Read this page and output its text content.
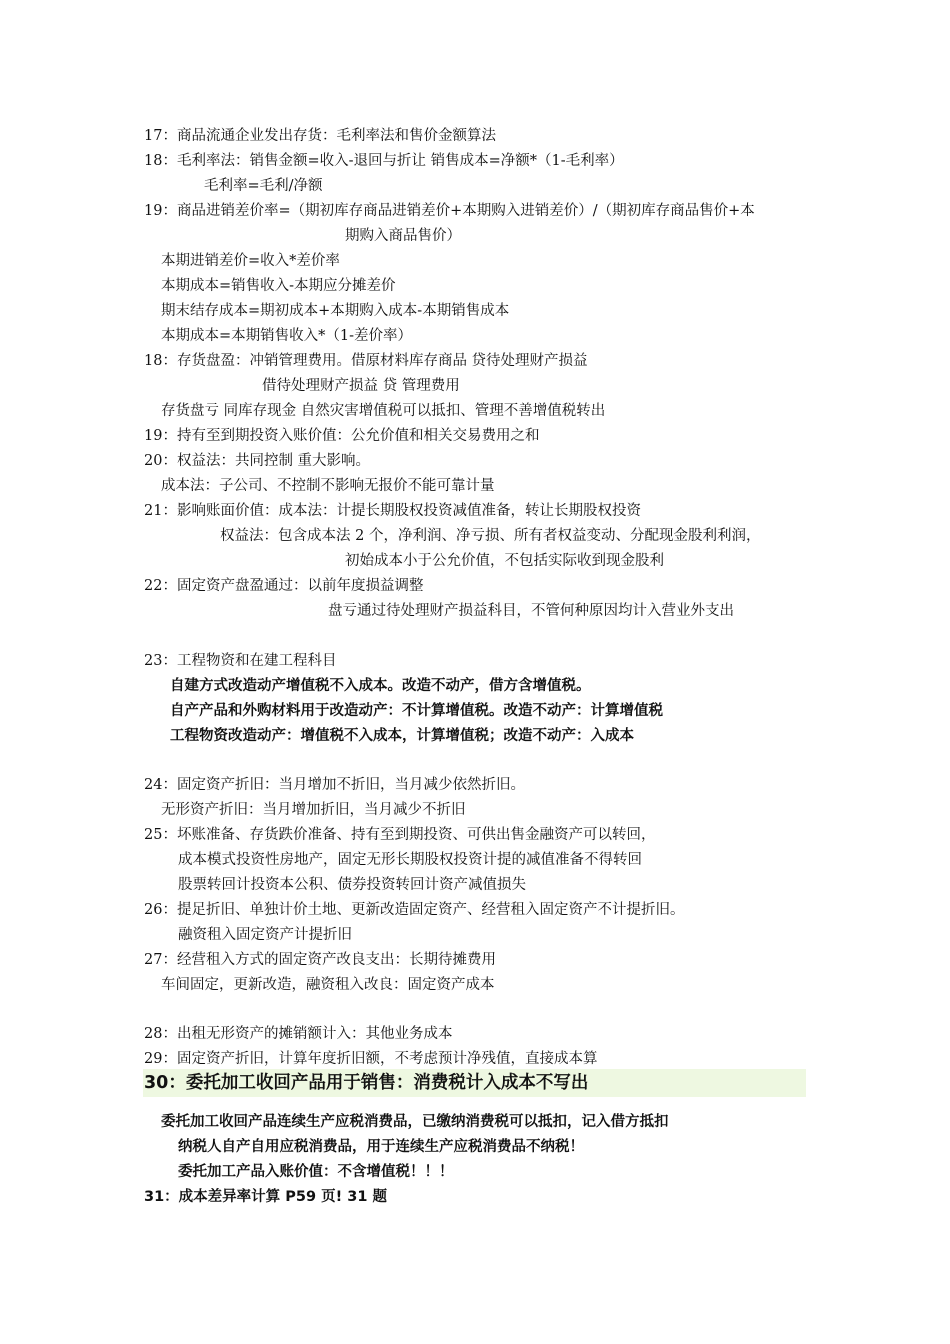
17：商品流通企业发出存货：毛利率法和售价金额算法
18：毛利率法：销售金额=收入-退回与折让 销售成本=净额*（1-毛利率）
毛利率=毛利/净额
19：商品进销差价率=（期初库存商品进销差价+本期购入进销差价）/（期初库存商品售价+本
期购入商品售价）
本期进销差价=收入*差价率
本期成本=销售收入-本期应分摊差价
期末结存成本=期初成本+本期购入成本-本期销售成本
本期成本=本期销售收入*（1-差价率）
18：存货盘盈：冲销管理费用。借原材料库存商品 贷待处理财产损益
借待处理财产损益 贷 管理费用
存货盘亏 同库存现金 自然灾害增值税可以抵扣、管理不善增值税转出
19：持有至到期投资入账价值：公允价值和相关交易费用之和
20：权益法：共同控制 重大影响。
成本法：子公司、不控制不影响无报价不能可靠计量
21：影响账面价值：成本法：计提长期股权投资减值准备，转让长期股权投资
权益法：包含成本法 2 个，净利润、净亏损、所有者权益变动、分配现金股利利润，
初始成本小于公允价值，不包括实际收到现金股利
22：固定资产盘盈通过：以前年度损益调整
盘亏通过待处理财产损益科目，不管何种原因均计入营业外支出
23：工程物资和在建工程科目
自建方式改造动产增值税不入成本。改造不动产，借方含增值税。
自产产品和外购材料用于改造动产：不计算增值税。改造不动产：计算增值税
工程物资改造动产：增值税不入成本，计算增值税；改造不动产：入成本
24：固定资产折旧：当月增加不折旧，当月减少依然折旧。
无形资产折旧：当月增加折旧，当月减少不折旧
25：坏账准备、存货跌价准备、持有至到期投资、可供出售金融资产可以转回，
成本模式投资性房地产，固定无形长期股权投资计提的减值准备不得转回
股票转回计投资本公积、债券投资转回计资产减值损失
26：提足折旧、单独计价土地、更新改造固定资产、经营租入固定资产不计提折旧。
融资租入固定资产计提折旧
27：经营租入方式的固定资产改良支出：长期待摊费用
车间固定，更新改造，融资租入改良：固定资产成本
28：出租无形资产的摊销额计入：其他业务成本
29：固定资产折旧，计算年度折旧额，不考虑预计净残值，直接成本算
30：委托加工收回产品用于销售：消费税计入成本不写出
委托加工收回产品连续生产应税消费品，已缴纳消费税可以抵扣，记入借方抵扣
纳税人自产自用应税消费品，用于连续生产应税消费品不纳税！
委托加工产品入账价值：不含增值税！！！
31：成本差异率计算 P59 页! 31 题
